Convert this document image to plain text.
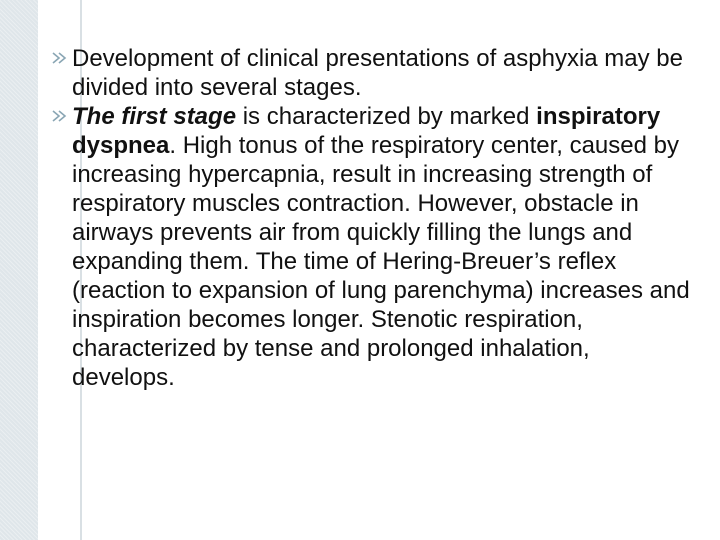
Development of clinical presentations of asphyxia may be divided into several stages.
The first stage is characterized by marked inspiratory dyspnea. High tonus of the respiratory center, caused by increasing hypercapnia, result in increasing strength of respiratory muscles contraction. However, obstacle in airways prevents air from quickly filling the lungs and expanding them. The time of Hering-Breuer’s reflex (reaction to expansion of lung parenchyma) increases and inspiration becomes longer. Stenotic respiration, characterized by tense and prolonged inhalation, develops.
